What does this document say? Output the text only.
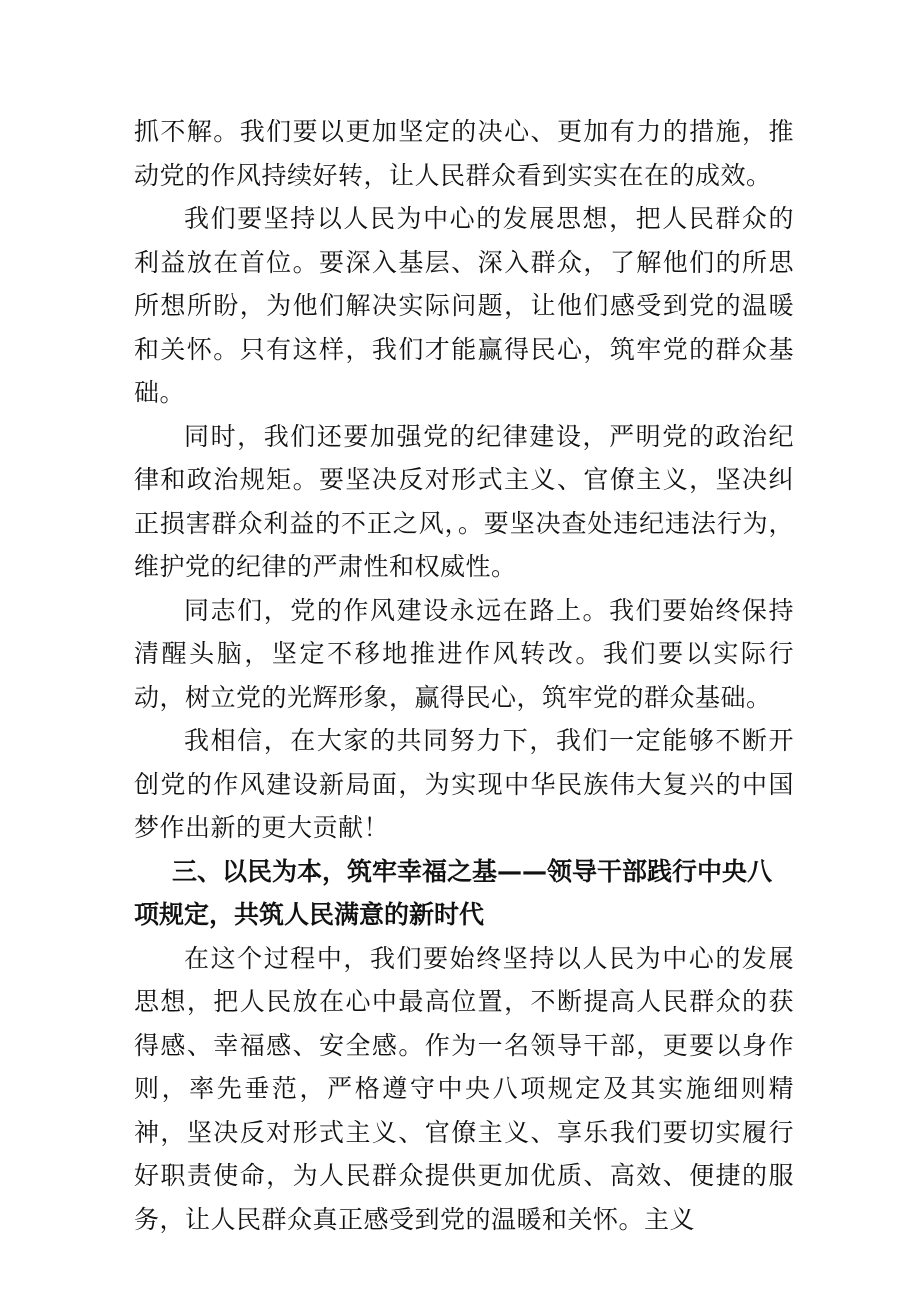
抓不解。我们要以更加坚定的决心、更加有力的措施，推动党的作风持续好转，让人民群众看到实实在在的成效。

我们要坚持以人民为中心的发展思想，把人民群众的利益放在首位。要深入基层、深入群众，了解他们的所思所想所盼，为他们解决实际问题，让他们感受到党的温暖和关怀。只有这样，我们才能赢得民心，筑牢党的群众基础。

同时，我们还要加强党的纪律建设，严明党的政治纪律和政治规矩。要坚决反对形式主义、官僚主义，坚决纠正损害群众利益的不正之风，。要坚决查处违纪违法行为，维护党的纪律的严肃性和权威性。

同志们，党的作风建设永远在路上。我们要始终保持清醒头脑，坚定不移地推进作风转改。我们要以实际行动，树立党的光辉形象，赢得民心，筑牢党的群众基础。

我相信，在大家的共同努力下，我们一定能够不断开创党的作风建设新局面，为实现中华民族伟大复兴的中国梦作出新的更大贡献！

三、以民为本，筑牢幸福之基——领导干部践行中央八项规定，共筑人民满意的新时代

在这个过程中，我们要始终坚持以人民为中心的发展思想，把人民放在心中最高位置，不断提高人民群众的获得感、幸福感、安全感。作为一名领导干部，更要以身作则，率先垂范，严格遵守中央八项规定及其实施细则精神，坚决反对形式主义、官僚主义、享乐我们要切实履行好职责使命，为人民群众提供更加优质、高效、便捷的服务，让人民群众真正感受到党的温暖和关怀。主义
